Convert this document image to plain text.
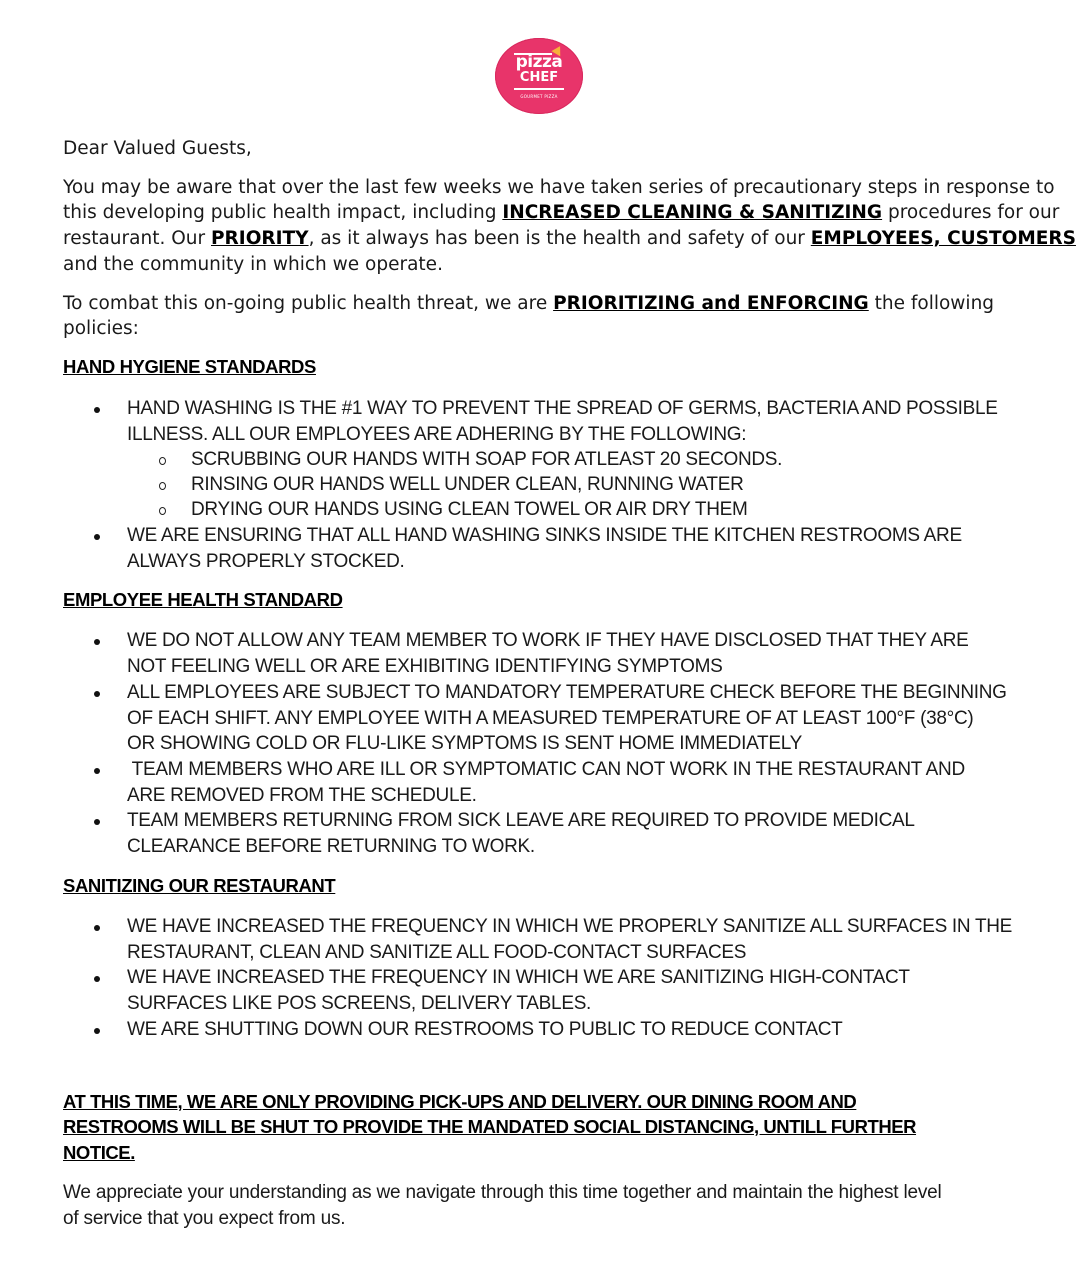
pizza
CHEF
GOURMET PIZZA
Dear Valued Guests,
You may be aware that over the last few weeks we have taken series of precautionary steps in response to
this developing public health impact, including INCREASED CLEANING & SANITIZING procedures for our
restaurant. Our PRIORITY, as it always has been is the health and safety of our EMPLOYEES, CUSTOMERS
and the community in which we operate.
To combat this on-going public health threat, we are PRIORITIZING and ENFORCING the following
policies:
HAND HYGIENE STANDARDS
HAND WASHING IS THE #1 WAY TO PREVENT THE SPREAD OF GERMS, BACTERIA AND POSSIBLE
ILLNESS. ALL OUR EMPLOYEES ARE ADHERING BY THE FOLLOWING:
SCRUBBING OUR HANDS WITH SOAP FOR ATLEAST 20 SECONDS.
RINSING OUR HANDS WELL UNDER CLEAN, RUNNING WATER
DRYING OUR HANDS USING CLEAN TOWEL OR AIR DRY THEM
WE ARE ENSURING THAT ALL HAND WASHING SINKS INSIDE THE KITCHEN RESTROOMS ARE
ALWAYS PROPERLY STOCKED.
EMPLOYEE HEALTH STANDARD
WE DO NOT ALLOW ANY TEAM MEMBER TO WORK IF THEY HAVE DISCLOSED THAT THEY ARE
NOT FEELING WELL OR ARE EXHIBITING IDENTIFYING SYMPTOMS
ALL EMPLOYEES ARE SUBJECT TO MANDATORY TEMPERATURE CHECK BEFORE THE BEGINNING
OF EACH SHIFT. ANY EMPLOYEE WITH A MEASURED TEMPERATURE OF AT LEAST 100°F (38°C)
OR SHOWING COLD OR FLU-LIKE SYMPTOMS IS SENT HOME IMMEDIATELY
TEAM MEMBERS WHO ARE ILL OR SYMPTOMATIC CAN NOT WORK IN THE RESTAURANT AND
ARE REMOVED FROM THE SCHEDULE.
TEAM MEMBERS RETURNING FROM SICK LEAVE ARE REQUIRED TO PROVIDE MEDICAL
CLEARANCE BEFORE RETURNING TO WORK.
SANITIZING OUR RESTAURANT
WE HAVE INCREASED THE FREQUENCY IN WHICH WE PROPERLY SANITIZE ALL SURFACES IN THE
RESTAURANT, CLEAN AND SANITIZE ALL FOOD-CONTACT SURFACES
WE HAVE INCREASED THE FREQUENCY IN WHICH WE ARE SANITIZING HIGH-CONTACT
SURFACES LIKE POS SCREENS, DELIVERY TABLES.
WE ARE SHUTTING DOWN OUR RESTROOMS TO PUBLIC TO REDUCE CONTACT
AT THIS TIME, WE ARE ONLY PROVIDING PICK-UPS AND DELIVERY. OUR DINING ROOM AND
RESTROOMS WILL BE SHUT TO PROVIDE THE MANDATED SOCIAL DISTANCING, UNTILL FURTHER
NOTICE.
We appreciate your understanding as we navigate through this time together and maintain the highest level
of service that you expect from us.
